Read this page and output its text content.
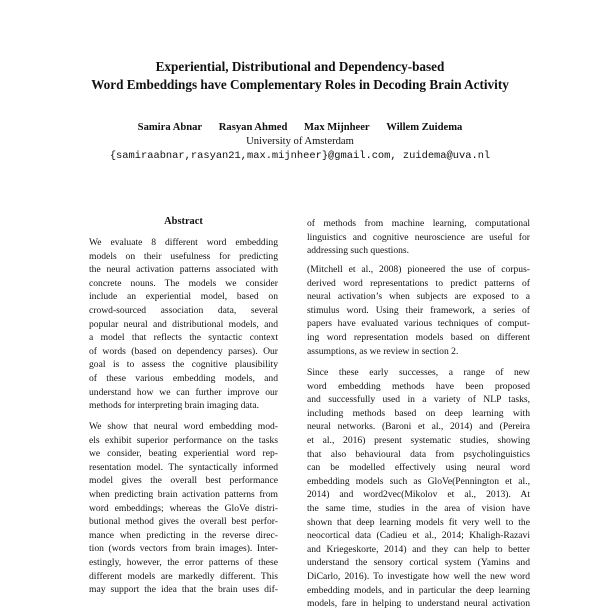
Experiential, Distributional and Dependency-based
Word Embeddings have Complementary Roles in Decoding Brain Activity
Samira Abnar Rasyan Ahmed Max Mijnheer Willem Zuidema
University of Amsterdam
{samiraabnar,rasyan21,max.mijnheer}@gmail.com, zuidema@uva.nl
Abstract
We evaluate 8 different word embedding
models on their usefulness for predicting
the neural activation patterns associated with
concrete nouns. The models we consider
include an experiential model, based on
crowd-sourced association data, several
popular neural and distributional models, and
a model that reflects the syntactic context
of words (based on dependency parses). Our
goal is to assess the cognitive plausibility
of these various embedding models, and
understand how we can further improve our
methods for interpreting brain imaging data.
We show that neural word embedding mod-
els exhibit superior performance on the tasks
we consider, beating experiential word rep-
resentation model. The syntactically informed
model gives the overall best performance
when predicting brain activation patterns from
word embeddings; whereas the GloVe distri-
butional method gives the overall best perfor-
mance when predicting in the reverse direc-
tion (words vectors from brain images). Inter-
estingly, however, the error patterns of these
different models are markedly different. This
may support the idea that the brain uses dif-
of methods from machine learning, computational
linguistics and cognitive neuroscience are useful for
addressing such questions.
(Mitchell et al., 2008) pioneered the use of corpus-
derived word representations to predict patterns of
neural activation’s when subjects are exposed to a
stimulus word. Using their framework, a series of
papers have evaluated various techniques of comput-
ing word representation models based on different
assumptions, as we review in section 2.
Since these early successes, a range of new
word embedding methods have been proposed
and successfully used in a variety of NLP tasks,
including methods based on deep learning with
neural networks. (Baroni et al., 2014) and (Pereira
et al., 2016) present systematic studies, showing
that also behavioural data from psycholinguistics
can be modelled effectively using neural word
embedding models such as GloVe(Pennington et al.,
2014) and word2vec(Mikolov et al., 2013). At
the same time, studies in the area of vision have
shown that deep learning models fit very well to the
neocortical data (Cadieu et al., 2014; Khaligh-Razavi
and Kriegeskorte, 2014) and they can help to better
understand the sensory cortical system (Yamins and
DiCarlo, 2016). To investigate how well the new word
embedding models, and in particular the deep learning
models, fare in helping to understand neural activation
